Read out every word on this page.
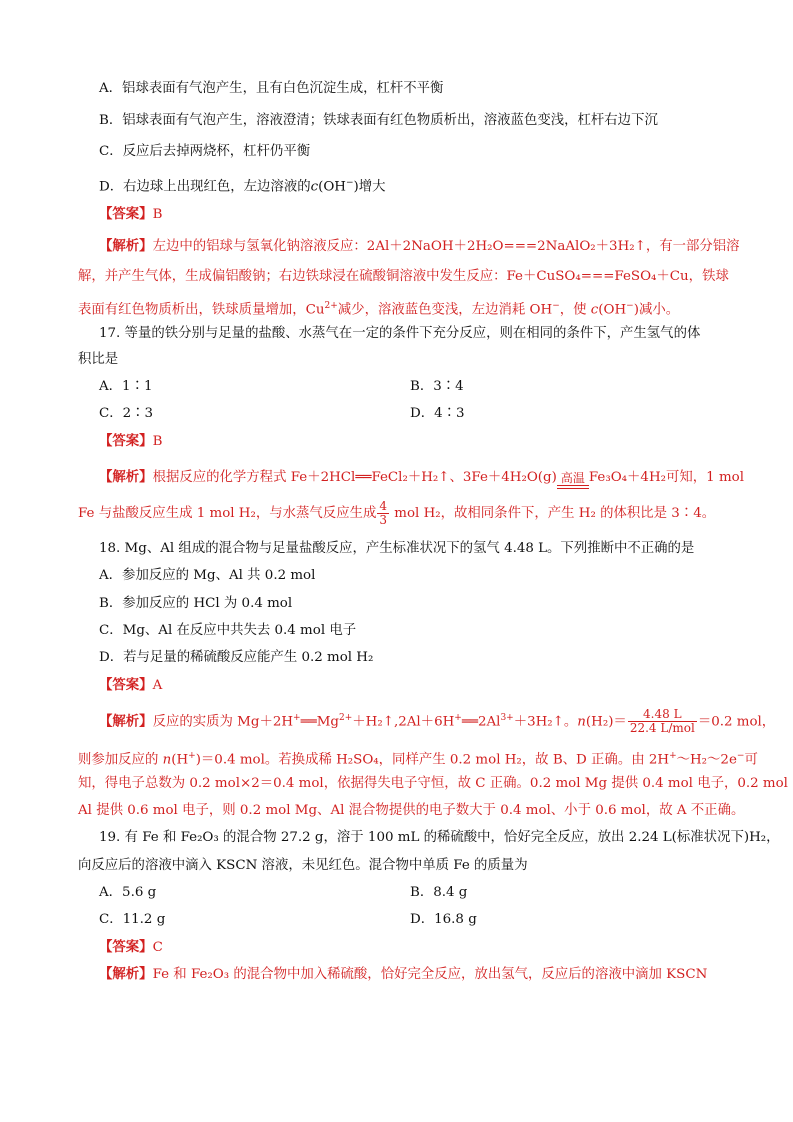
A．铝球表面有气泡产生，且有白色沉淀生成，杠杆不平衡
B．铝球表面有气泡产生，溶液澄清；铁球表面有红色物质析出，溶液蓝色变浅，杠杆右边下沉
C．反应后去掉两烧杯，杠杆仍平衡
D．右边球上出现红色，左边溶液的c(OH−)增大
【答案】B
【解析】左边中的铝球与氢氧化钠溶液反应：2Al＋2NaOH＋2H₂O===2NaAlO₂＋3H₂↑，有一部分铝溶
解，并产生气体，生成偏铝酸钠；右边铁球浸在硫酸铜溶液中发生反应：Fe＋CuSO₄===FeSO₄＋Cu，铁球
表面有红色物质析出，铁球质量增加，$Cu^{2+}$减少，溶液蓝色变浅，左边消耗 OH−，使 c(OH−)减小。
17. 等量的铁分别与足量的盐酸、水蒸气在一定的条件下充分反应，则在相同的条件下，产生氢气的体
积比是
A．1∶1	B．3∶4
C．2∶3	D．4∶3
【答案】B
【解析】根据反应的化学方程式 Fe＋2HCl══FeCl₂＋H₂↑、3Fe＋4H₂O(g) 高温 Fe₃O₄＋4H₂可知，1 mol
Fe 与盐酸反应生成 1 mol H₂，与水蒸气反应生成 $\frac{4}{3}$ mol H₂，故相同条件下，产生 H₂ 的体积比是 3∶4。
18. Mg、Al 组成的混合物与足量盐酸反应，产生标准状况下的氢气 4.48 L。下列推断中不正确的是
A．参加反应的 Mg、Al 共 0.2 mol
B．参加反应的 HCl 为 0.4 mol
C．Mg、Al 在反应中共失去 0.4 mol 电子
D．若与足量的稀硫酸反应能产生 0.2 mol H₂
【答案】A
【解析】反应的实质为 $Mg+2H^+══Mg^{2+}+H_2↑,2Al+6H^+══2Al^{3+}+3H_2↑$。$n(H_2)= \frac{4.48 L}{\text{22.4 L/mol}} =0.2$ mol，
则参加反应的 n(H+)＝0.4 mol。若换成稀 H₂SO₄，同样产生 0.2 mol H₂，故 B、D 正确。由 2H+～H₂～2e−可
知，得电子总数为 0.2 mol×2＝0.4 mol，依据得失电子守恒，故 C 正确。0.2 mol Mg 提供 0.4 mol 电子，0.2 mol
Al 提供 0.6 mol 电子，则 0.2 mol Mg、Al 混合物提供的电子数大于 0.4 mol、小于 0.6 mol，故 A 不正确。
19. 有 Fe 和 Fe₂O₃ 的混合物 27.2 g，溶于 100 mL 的稀硫酸中，恰好完全反应，放出 2.24 L(标准状况下)H₂，
向反应后的溶液中滴入 KSCN 溶液，未见红色。混合物中单质 Fe 的质量为
A．5.6 g	B．8.4 g
C．11.2 g	D．16.8 g
【答案】C
【解析】Fe 和 Fe₂O₃ 的混合物中加入稀硫酸，恰好完全反应，放出氢气，反应后的溶液中滴加 KSCN
